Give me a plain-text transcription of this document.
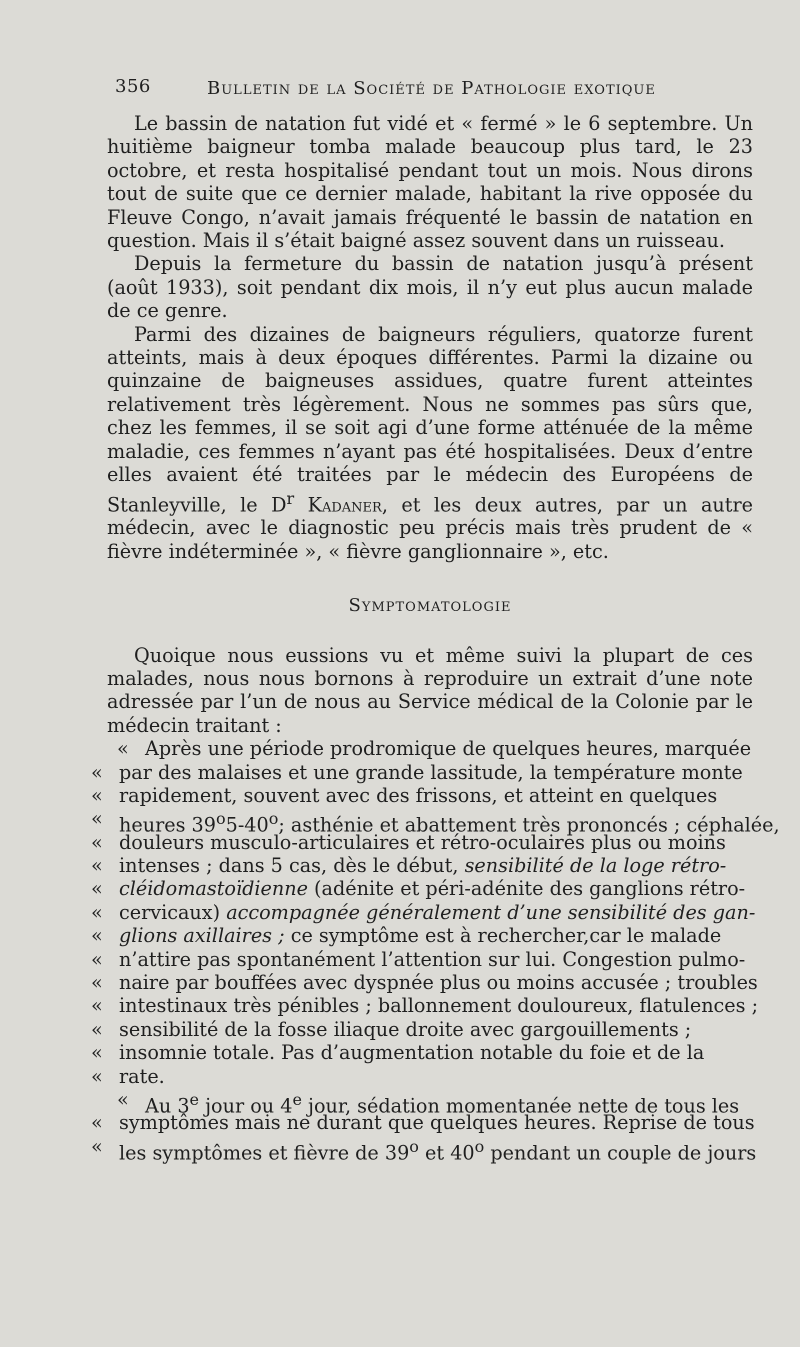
356	Bulletin de la Société de Pathologie exotique

Le bassin de natation fut vidé et « fermé » le 6 septembre. Un huitième baigneur tomba malade beaucoup plus tard, le 23 octobre, et resta hospitalisé pendant tout un mois. Nous dirons tout de suite que ce dernier malade, habitant la rive opposée du Fleuve Congo, n’avait jamais fréquenté le bassin de natation en question. Mais il s’était baigné assez souvent dans un ruisseau.

Depuis la fermeture du bassin de natation jusqu’à présent (août 1933), soit pendant dix mois, il n’y eut plus aucun malade de ce genre.

Parmi des dizaines de baigneurs réguliers, quatorze furent atteints, mais à deux époques différentes. Parmi la dizaine ou quinzaine de baigneuses assidues, quatre furent atteintes relativement très légèrement. Nous ne sommes pas sûrs que, chez les femmes, il se soit agi d’une forme atténuée de la même maladie, ces femmes n’ayant pas été hospitalisées. Deux d’entre elles avaient été traitées par le médecin des Européens de Stanleyville, le $D^r$ Kadaner, et les deux autres, par un autre médecin, avec le diagnostic peu précis mais très prudent de « fièvre indéterminée », « fièvre ganglionnaire », etc.

Symptomatologie

Quoique nous eussions vu et même suivi la plupart de ces malades, nous nous bornons à reproduire un extrait d’une note adressée par l’un de nous au Service médical de la Colonie par le médecin traitant :

« Après une période prodromique de quelques heures, marquée
« par des malaises et une grande lassitude, la température monte
« rapidement, souvent avec des frissons, et atteint en quelques
« heures 39$^o$5-40$^o$; asthénie et abattement très prononcés ; céphalée,
« douleurs musculo-articulaires et rétro-oculaires plus ou moins
« intenses ; dans 5 cas, dès le début, sensibilité de la loge rétro-
« cléidomastoïdienne (adénite et péri-adénite des ganglions rétro-
« cervicaux) accompagnée généralement d’une sensibilité des gan-
« glions axillaires ; ce symptôme est à rechercher,car le malade
« n’attire pas spontanément l’attention sur lui. Congestion pulmo-
« naire par bouffées avec dyspnée plus ou moins accusée ; troubles
« intestinaux très pénibles ; ballonnement douloureux, flatulences ;
« sensibilité de la fosse iliaque droite avec gargouillements ;
« insomnie totale. Pas d’augmentation notable du foie et de la
« rate.
« Au 3e jour ou 4e jour, sédation momentanée nette de tous les
« symptômes mais ne durant que quelques heures. Reprise de tous
« les symptômes et fièvre de 39$^o$ et 40$^o$ pendant un couple de jours
